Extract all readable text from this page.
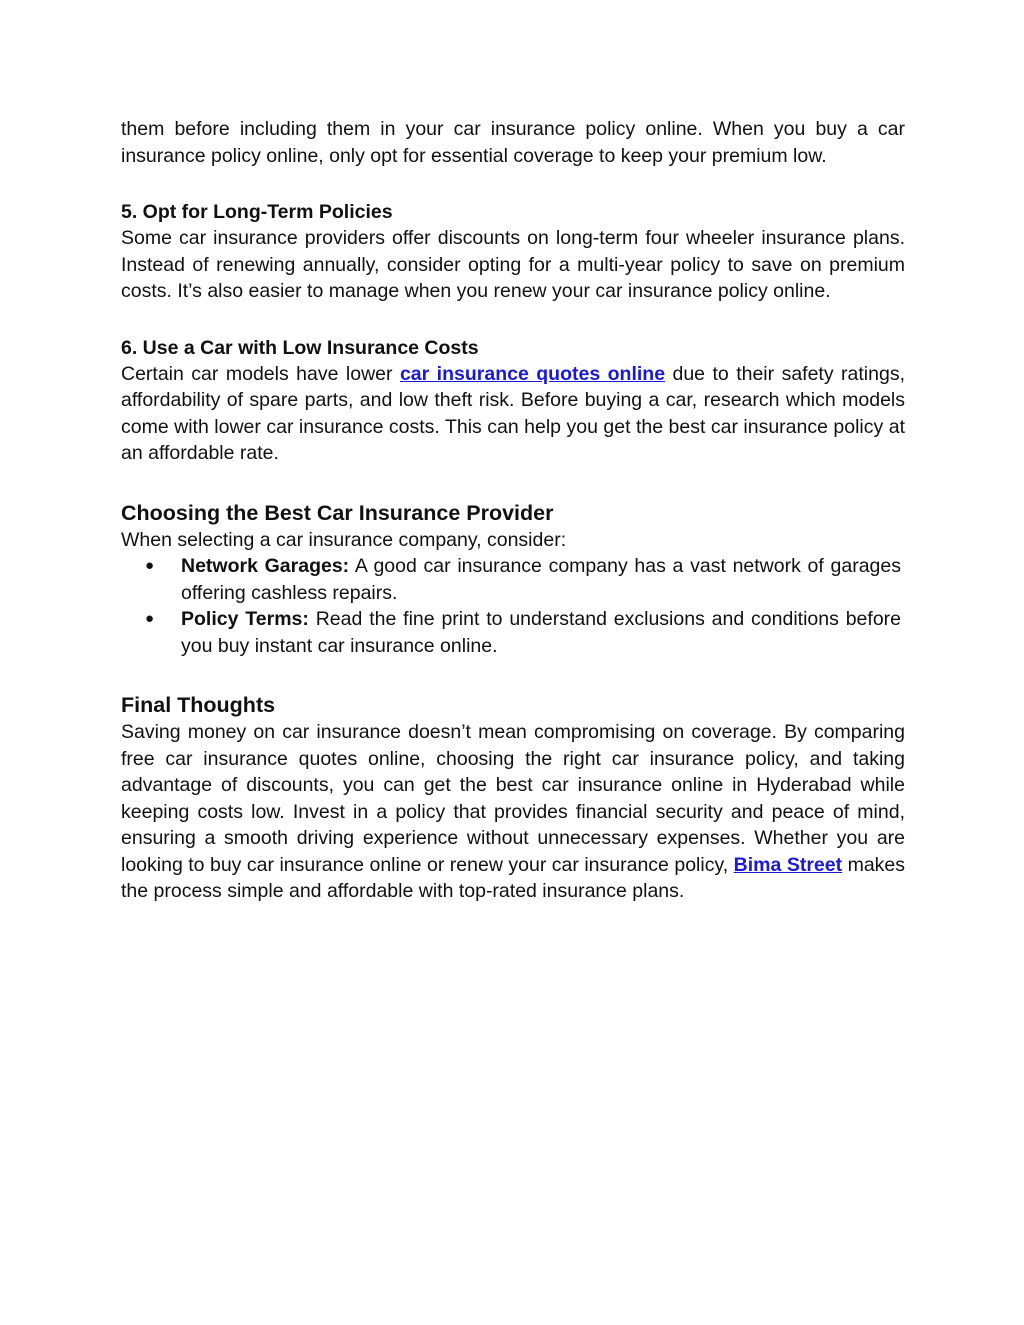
them before including them in your car insurance policy online. When you buy a car insurance policy online, only opt for essential coverage to keep your premium low.

5. Opt for Long-Term Policies

Some car insurance providers offer discounts on long-term four wheeler insurance plans. Instead of renewing annually, consider opting for a multi-year policy to save on premium costs. It’s also easier to manage when you renew your car insurance policy online.

6. Use a Car with Low Insurance Costs

Certain car models have lower car insurance quotes online due to their safety ratings, affordability of spare parts, and low theft risk. Before buying a car, research which models come with lower car insurance costs. This can help you get the best car insurance policy at an affordable rate.

Choosing the Best Car Insurance Provider

When selecting a car insurance company, consider:

● Network Garages: A good car insurance company has a vast network of garages offering cashless repairs.
● Policy Terms: Read the fine print to understand exclusions and conditions before you buy instant car insurance online.
Final Thoughts

Saving money on car insurance doesn’t mean compromising on coverage. By comparing free car insurance quotes online, choosing the right car insurance policy, and taking advantage of discounts, you can get the best car insurance online in Hyderabad while keeping costs low. Invest in a policy that provides financial security and peace of mind, ensuring a smooth driving experience without unnecessary expenses. Whether you are looking to buy car insurance online or renew your car insurance policy, Bima Street makes the process simple and affordable with top-rated insurance plans.
